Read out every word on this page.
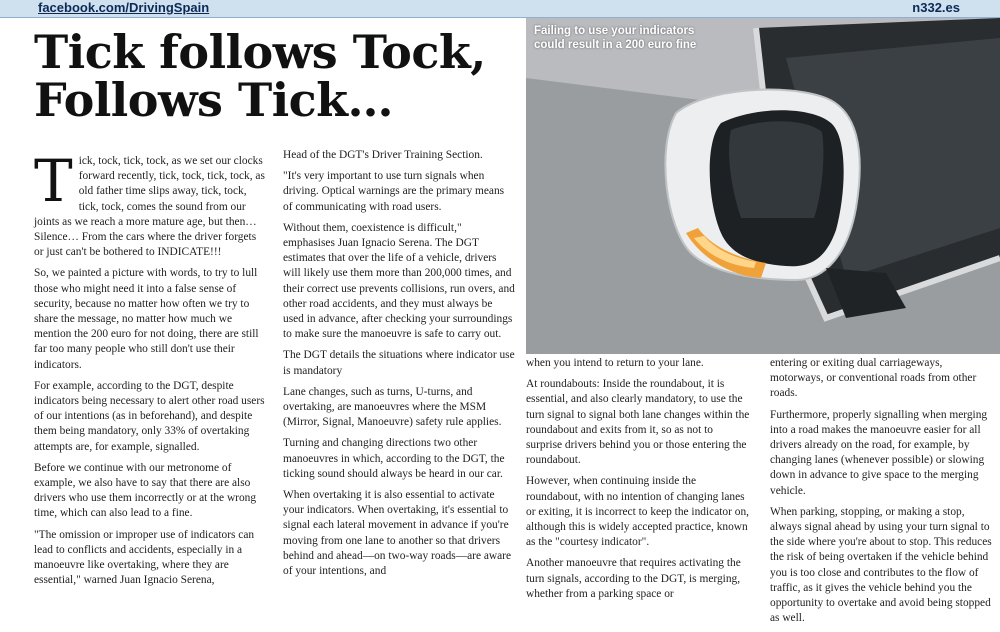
facebook.com/DrivingSpain	n332.es
Tick follows Tock, Follows Tick…

Tick, tock, tick, tock, as we set our clocks forward recently, tick, tock, tick, tock, as old father time slips away, tick, tock, tick, tock, comes the sound from our joints as we reach a more mature age, but then… Silence… From the cars where the driver forgets or just can't be bothered to INDICATE!!!

So, we painted a picture with words, to try to lull those who might need it into a false sense of security, because no matter how often we try to share the message, no matter how much we mention the 200 euro for not doing, there are still far too many people who still don't use their indicators.

For example, according to the DGT, despite indicators being necessary to alert other road users of our intentions (as in beforehand), and despite them being mandatory, only 33% of overtaking attempts are, for example, signalled.

Before we continue with our metronome of example, we also have to say that there are also drivers who use them incorrectly or at the wrong time, which can also lead to a fine.

"The omission or improper use of indicators can lead to conflicts and accidents, especially in a manoeuvre like overtaking, where they are essential," warned Juan Ignacio Serena,

Head of the DGT's Driver Training Section.

"It's very important to use turn signals when driving. Optical warnings are the primary means of communicating with road users.

Without them, coexistence is difficult," emphasises Juan Ignacio Serena. The DGT estimates that over the life of a vehicle, drivers will likely use them more than 200,000 times, and their correct use prevents collisions, run overs, and other road accidents, and they must always be used in advance, after checking your surroundings to make sure the manoeuvre is safe to carry out.

The DGT details the situations where indicator use is mandatory

Lane changes, such as turns, U-turns, and overtaking, are manoeuvres where the MSM (Mirror, Signal, Manoeuvre) safety rule applies.

Turning and changing directions two other manoeuvres in which, according to the DGT, the ticking sound should always be heard in our car.

When overtaking it is also essential to activate your indicators. When overtaking, it's essential to signal each lateral movement in advance if you're moving from one lane to another so that drivers behind and ahead—on two-way roads—are aware of your intentions, and

Failing to use your indicators
could result in a 200 euro fine

when you intend to return to your lane.

At roundabouts: Inside the roundabout, it is essential, and also clearly mandatory, to use the turn signal to signal both lane changes within the roundabout and exits from it, so as not to surprise drivers behind you or those entering the roundabout.

However, when continuing inside the roundabout, with no intention of changing lanes or exiting, it is incorrect to keep the indicator on, although this is widely accepted practice, known as the "courtesy indicator".

Another manoeuvre that requires activating the turn signals, according to the DGT, is merging, whether from a parking space or

entering or exiting dual carriageways, motorways, or conventional roads from other roads.

Furthermore, properly signalling when merging into a road makes the manoeuvre easier for all drivers already on the road, for example, by changing lanes (whenever possible) or slowing down in advance to give space to the merging vehicle.

When parking, stopping, or making a stop, always signal ahead by using your turn signal to the side where you're about to stop. This reduces the risk of being overtaken if the vehicle behind you is too close and contributes to the flow of traffic, as it gives the vehicle behind you the opportunity to overtake and avoid being stopped as well.
